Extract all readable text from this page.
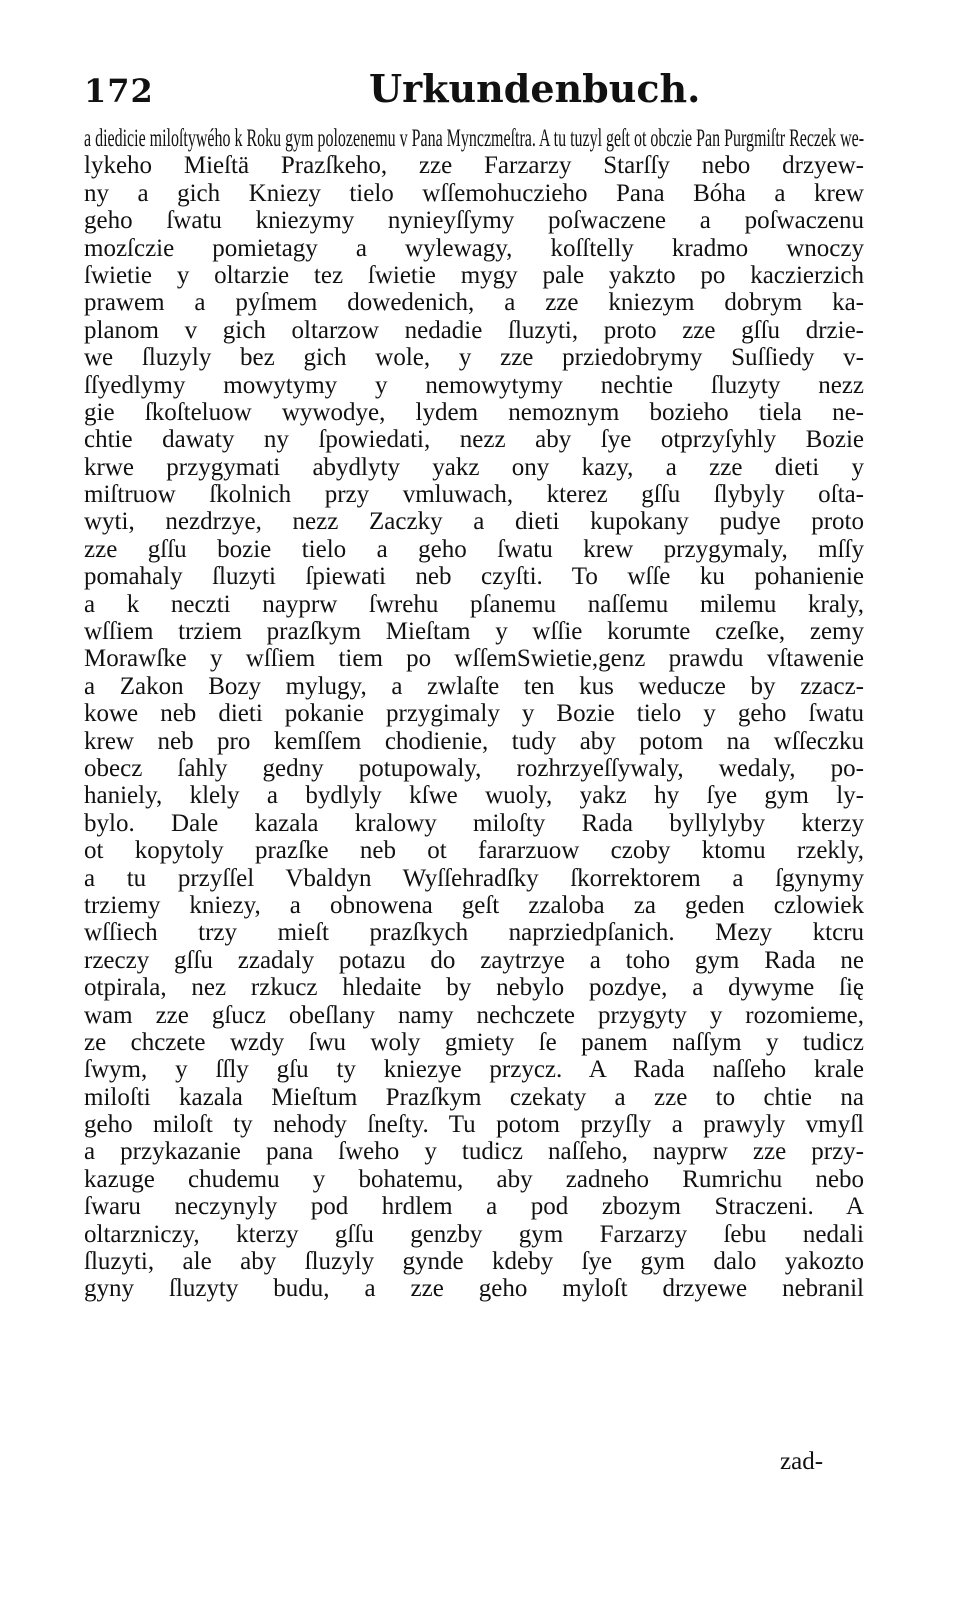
172	Urkundenbuch.
a diedicie miloſtywého k Roku gym polozenemu v Pana Mynczmeſtra. A tu tuzyl geſt ot obczie Pan Purgmiſtr Reczek we-
lykeho Mieſtä Prazſkeho, zze Farzarzy Starſſy nebo drzyew-
ny a gich Kniezy tielo wſſemohuczieho Pana Bóha a krew
geho ſwatu kniezymy nynieyſſymy poſwaczene a poſwaczenu
mozſczie pomietagy a wylewagy, koſſtelly kradmo wnoczy
ſwietie y oltarzie tez ſwietie mygy pale yakzto po kaczierzich
prawem a pyſmem dowedenich, a zze kniezym dobrym ka-
planom v gich oltarzow nedadie ſluzyti, proto zze gſſu drzie-
we ſluzyly bez gich wole, y zze prziedobrymy Suſſiedy v-
ſſyedlymy mowytymy y nemowytymy nechtie ſluzyty nezz
gie ſkoſteluow wywodye, lydem nemoznym bozieho tiela ne-
chtie dawaty ny ſpowiedati, nezz aby ſye otprzyſyhly Bozie
krwe przygymati abydlyty yakz ony kazy, a zze dieti y
miſtruow ſkolnich przy vmluwach, kterez gſſu ſlybyly oſta-
wyti, nezdrzye, nezz Zaczky a dieti kupokany pudye proto
zze gſſu bozie tielo a geho ſwatu krew przygymaly, mſſy
pomahaly ſluzyti ſpiewati neb czyſti. To wſſe ku pohanienie
a k neczti nayprw ſwrehu pſanemu naſſemu milemu kraly,
wſſiem trziem prazſkym Mieſtam y wſſie korumte czeſke, zemy
Morawſke y wſſiem tiem po wſſemSwietie,genz prawdu vſtawenie
a Zakon Bozy mylugy, a zwlaſte ten kus weducze by zzacz-
kowe neb dieti pokanie przygimaly y Bozie tielo y geho ſwatu
krew neb pro kemſſem chodienie, tudy aby potom na wſſeczku
obecz ſahly gedny potupowaly, rozhrzyeſſywaly, wedaly, po-
haniely, klely a bydlyly kſwe wuoly, yakz hy ſye gym ly-
bylo. Dale kazala kralowy miloſty Rada byllylyby kterzy
ot kopytoly prazſke neb ot fararzuow czoby ktomu rzekly,
a tu przyſſel Vbaldyn Wyſſehradſky ſkorrektorem a ſgynymy
trziemy kniezy, a obnowena geſt zzaloba za geden czlowiek
wſſiech trzy mieſt prazſkych naprziedpſanich. Mezy ktcru
rzeczy gſſu zzadaly potazu do zaytrzye a toho gym Rada ne
otpirala, nez rzkucz hledaite by nebylo pozdye, a dywyme ſię
wam zze gſucz obeſlany namy nechczete przygyty y rozomieme,
ze chczete wzdy ſwu woly gmiety ſe panem naſſym y tudicz
ſwym, y ſſly gſu ty kniezye przycz. A Rada naſſeho krale
miloſti kazala Mieſtum Prazſkym czekaty a zze to chtie na
geho miloſt ty nehody ſneſty. Tu potom przyſly a prawyly vmyſl
a przykazanie pana ſweho y tudicz naſſeho, nayprw zze przy-
kazuge chudemu y bohatemu, aby zadneho Rumrichu nebo
ſwaru neczynyly pod hrdlem a pod zbozym Straczeni. A
oltarzniczy, kterzy gſſu genzby gym Farzarzy ſebu nedali
ſluzyti, ale aby ſluzyly gynde kdeby ſye gym dalo yakozto
gyny ſluzyty budu, a zze geho myloſt drzyewe nebranil
zad-
